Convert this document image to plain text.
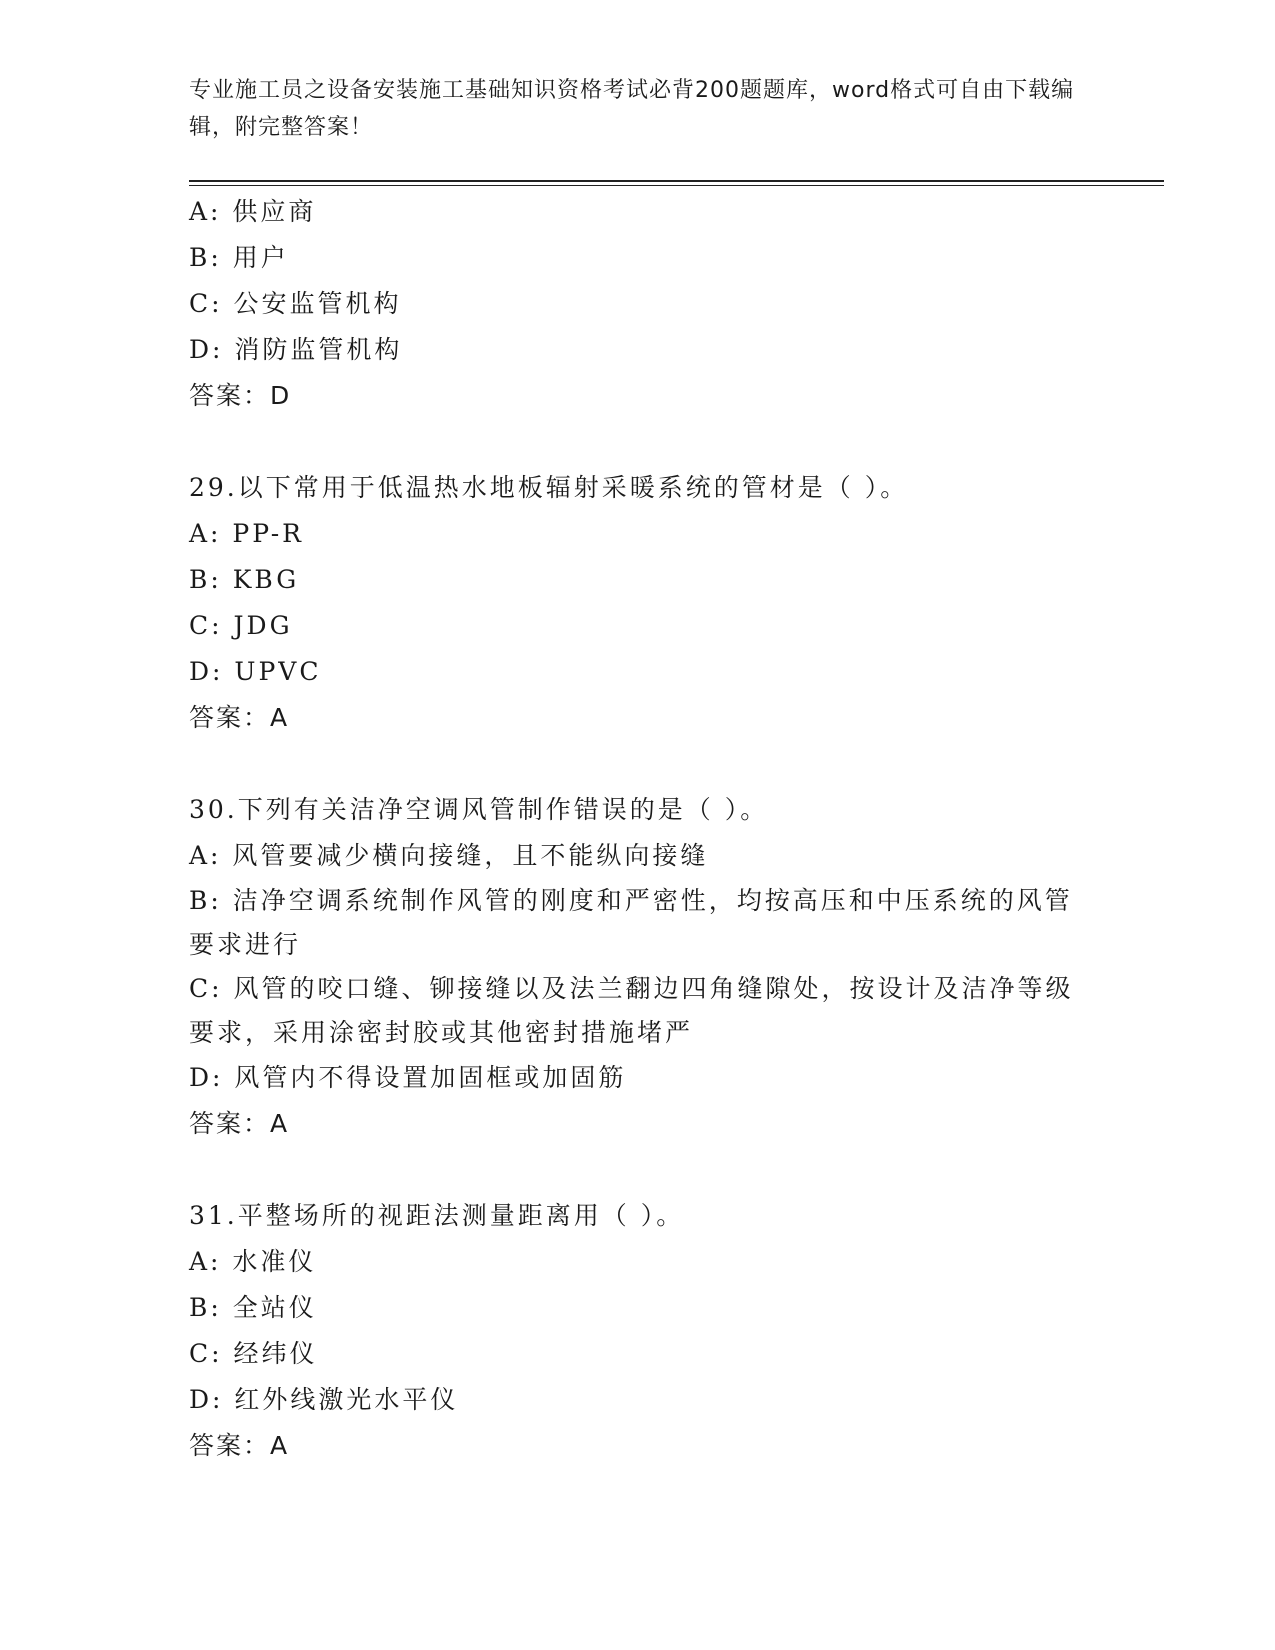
专业施工员之设备安装施工基础知识资格考试必背200题题库，word格式可自由下载编辑，附完整答案！
A: 供应商
B: 用户
C: 公安监管机构
D: 消防监管机构
答案：D
29.以下常用于低温热水地板辐射采暖系统的管材是（ ）。
A: PP-R
B: KBG
C: JDG
D: UPVC
答案：A
30.下列有关洁净空调风管制作错误的是（ ）。
A: 风管要减少横向接缝，且不能纵向接缝
B: 洁净空调系统制作风管的刚度和严密性，均按高压和中压系统的风管要求进行
C: 风管的咬口缝、铆接缝以及法兰翻边四角缝隙处，按设计及洁净等级要求，采用涂密封胶或其他密封措施堵严
D: 风管内不得设置加固框或加固筋
答案：A
31.平整场所的视距法测量距离用（ ）。
A: 水准仪
B: 全站仪
C: 经纬仪
D: 红外线激光水平仪
答案：A
